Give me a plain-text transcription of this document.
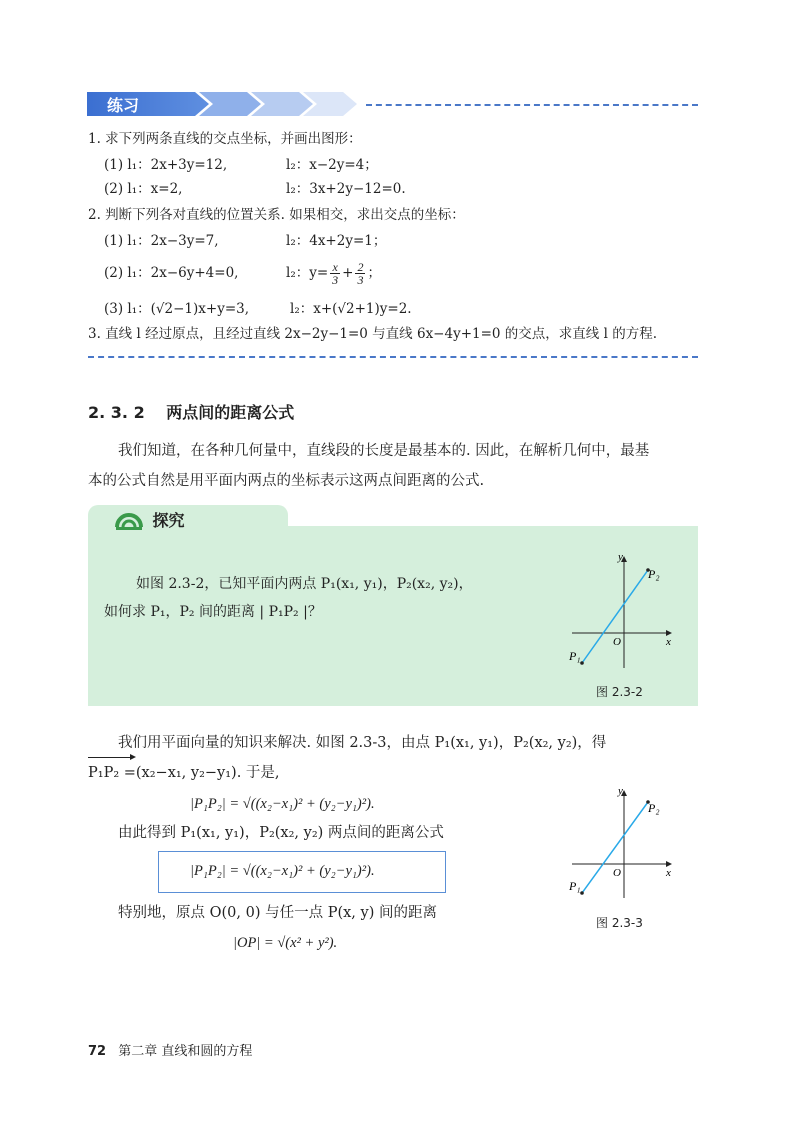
练习
1. 求下列两条直线的交点坐标，并画出图形：
(1) l₁：2x+3y=12,	l₂：x−2y=4；
(2) l₁：x=2,	l₂：3x+2y−12=0.
2. 判断下列各对直线的位置关系. 如果相交，求出交点的坐标：
(1) l₁：2x−3y=7,	l₂：4x+2y=1；
(2) l₁：2x−6y+4=0,	l₂：$y= \frac{x}{3} + \frac{2}{3}$ ；
(3) l₁：(√2−1)x+y=3,	l₂：x+(√2+1)y=2.
3. 直线 l 经过原点，且经过直线 2x−2y−1=0 与直线 6x−4y+1=0 的交点，求直线 l 的方程.
2. 3. 2 两点间的距离公式
我们知道，在各种几何量中，直线段的长度是最基本的. 因此，在解析几何中，最基
本的公式自然是用平面内两点的坐标表示这两点间距离的公式.
探究
如图 2.3-2，已知平面内两点 P₁(x₁, y₁)，P₂(x₂, y₂)，
如何求 P₁，P₂ 间的距离 | P₁P₂ |？
y
x
O
P₁
P₂
图 2.3-2
我们用平面向量的知识来解决. 如图 2.3-3，由点 P₁(x₁, y₁)，P₂(x₂, y₂)，得
P₁P₂ =(x₂−x₁, y₂−y₁). 于是,
|P₁P₂| = √((x₂−x₁)² + (y₂−y₁)²).
由此得到 P₁(x₁, y₁)，P₂(x₂, y₂) 两点间的距离公式
|P₁P₂| = √((x₂−x₁)² + (y₂−y₁)²).
特别地，原点 O(0, 0) 与任一点 P(x, y) 间的距离
|OP| = √(x² + y²).
y
x
O
P₁
P₂
图 2.3-3
72 第二章 直线和圆的方程
